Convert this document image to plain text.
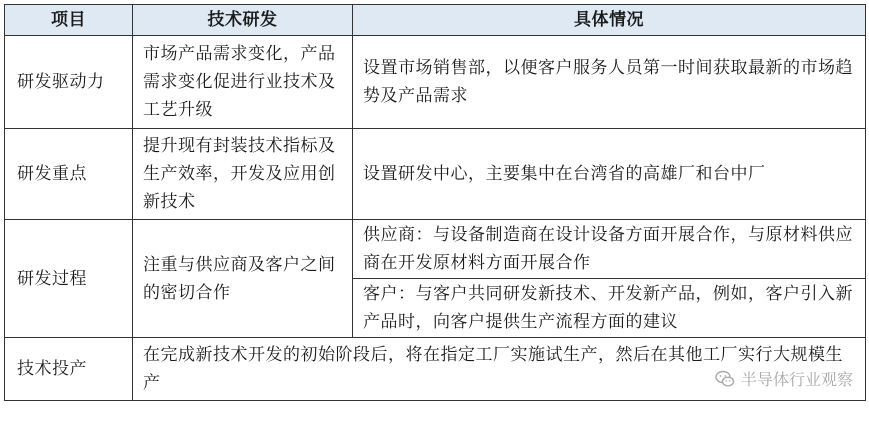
项目	技术研发	具体情况
研发驱动力	市场产品需求变化，产品需求变化促进行业技术及工艺升级	设置市场销售部，以便客户服务人员第一时间获取最新的市场趋势及产品需求
研发重点	提升现有封装技术指标及生产效率，开发及应用创新技术	设置研发中心，主要集中在台湾省的高雄厂和台中厂
研发过程	注重与供应商及客户之间的密切合作	供应商：与设备制造商在设计设备方面开展合作，与原材料供应商在开发原材料方面开展合作
		客户：与客户共同研发新技术、开发新产品，例如，客户引入新产品时，向客户提供生产流程方面的建议
技术投产	在完成新技术开发的初始阶段后，将在指定工厂实施试生产，然后在其他工厂实行大规模生产		半导体行业观察
